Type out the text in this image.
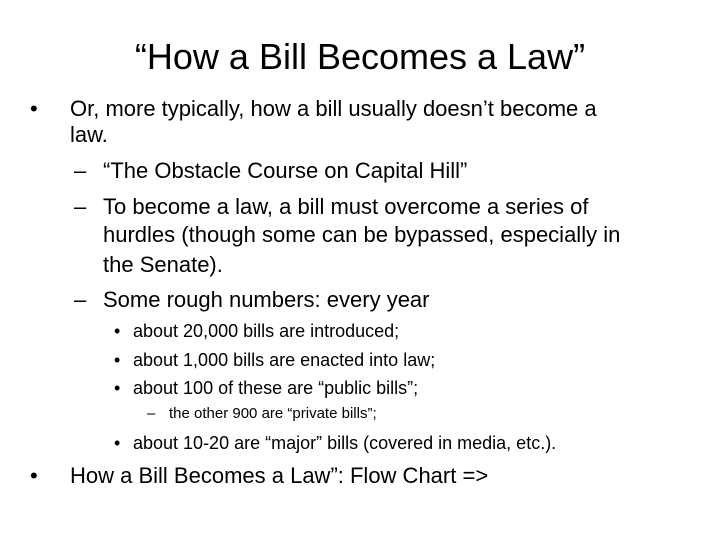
“How a Bill Becomes a Law”
• Or, more typically, how a bill usually doesn’t become a
law.
– “The Obstacle Course on Capital Hill”
– To become a law, a bill must overcome a series of
hurdles (though some can be bypassed, especially in
the Senate).
– Some rough numbers: every year
• about 20,000 bills are introduced;
• about 1,000 bills are enacted into law;
• about 100 of these are “public bills”;
– the other 900 are “private bills”;
• about 10-20 are “major” bills (covered in media, etc.).
• How a Bill Becomes a Law”: Flow Chart =>
